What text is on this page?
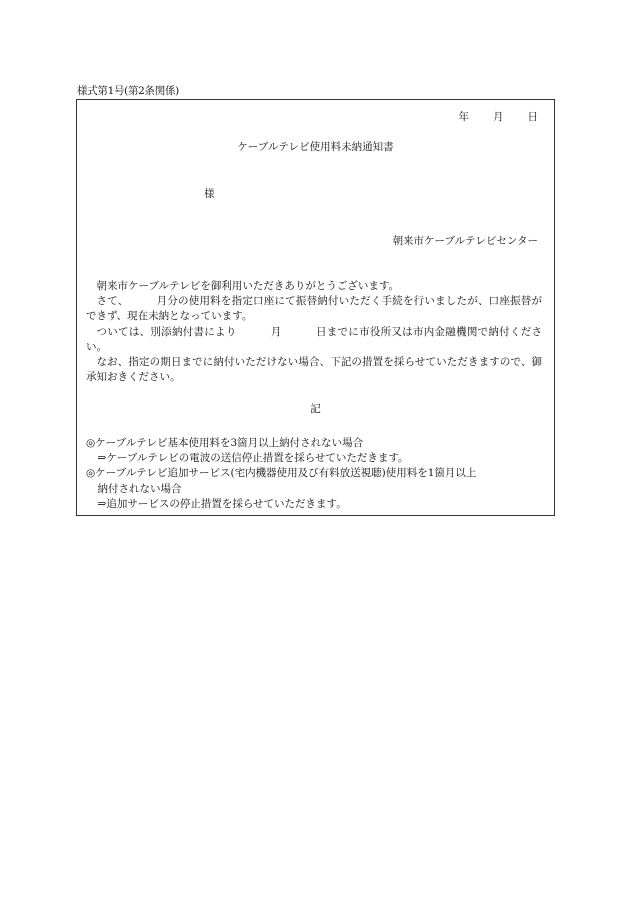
様式第1号(第2条関係)
年 月 日
ケーブルテレビ使用料未納通知書
様
朝来市ケーブルテレビセンター

朝来市ケーブルテレビを御利用いただきありがとうございます。

さて、	月分の使用料を指定口座にて振替納付いただく手続を行いましたが、口座振替ができず、現在未納となっています。

ついては、別添納付書により	月	日までに市役所又は市内金融機関で納付ください。

なお、指定の期日までに納付いただけない場合、下記の措置を採らせていただきますので、御承知おきください。

記

◎ケーブルテレビ基本使用料を3箇月以上納付されない場合

⇒ケーブルテレビの電波の送信停止措置を採らせていただきます。

◎ケーブルテレビ追加サービス(宅内機器使用及び有料放送視聴)使用料を1箇月以上

納付されない場合

⇒追加サービスの停止措置を採らせていただきます。
